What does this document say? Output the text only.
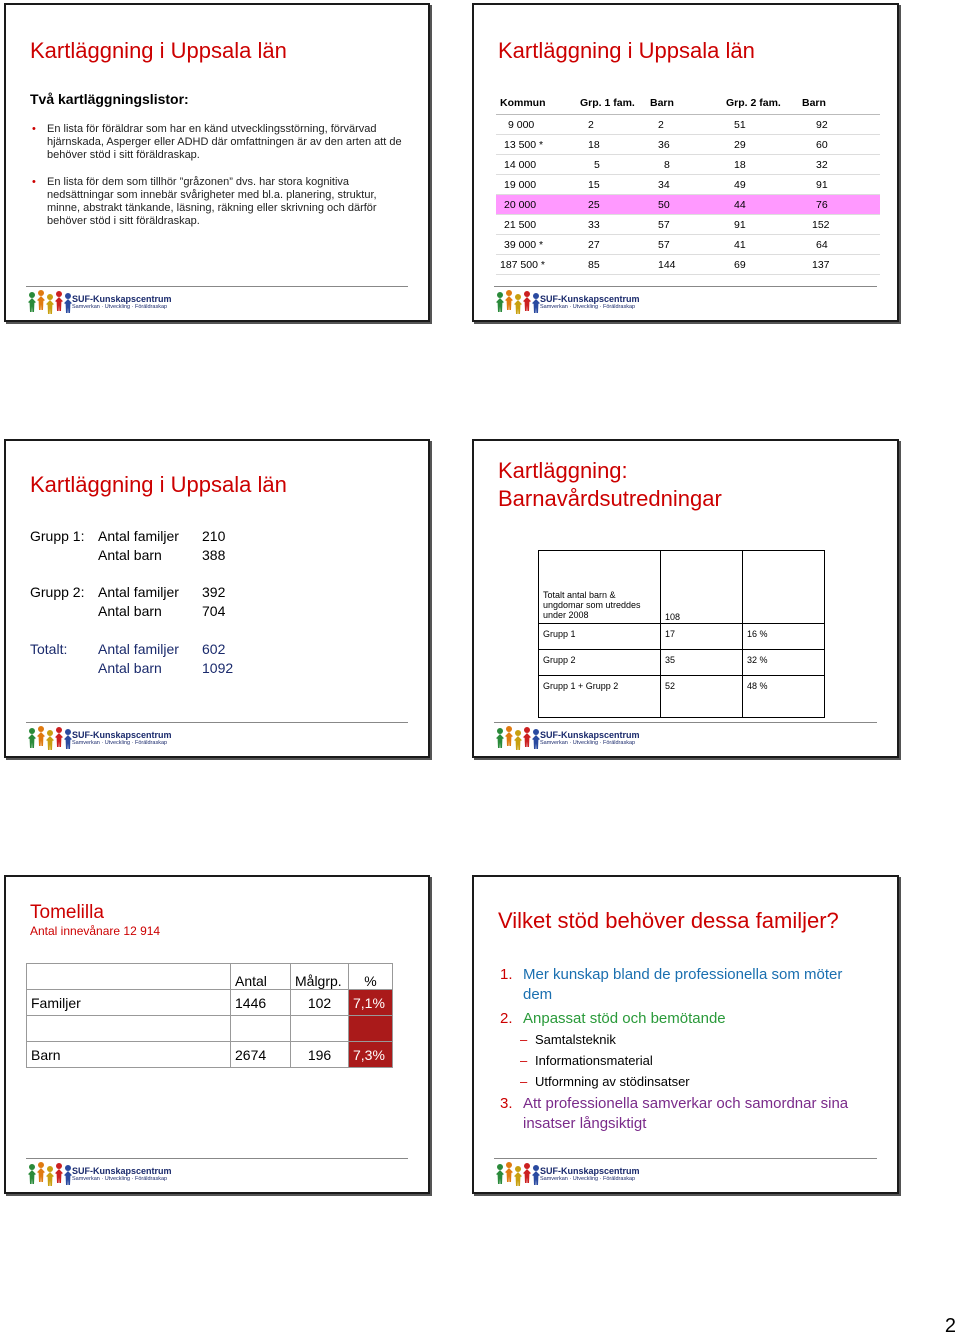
Kartläggning i Uppsala län
Två kartläggningslistor:
• En lista för föräldrar som har en känd utvecklingsstörning, förvärvad hjärnskada, Asperger eller ADHD där omfattningen är av den arten att de behöver stöd i sitt föräldraskap.
• En lista för dem som tillhör ”gråzonen” dvs. har stora kognitiva nedsättningar som innebär svårigheter med bl.a. planering, struktur, minne, abstrakt tänkande, läsning, räkning eller skrivning och därför behöver stöd i sitt föräldraskap.
SUF-Kunskapscentrum
Samverkan · Utveckling · Föräldraskap
Kartläggning i Uppsala län
Kommun	Grp. 1 fam.	Barn	Grp. 2 fam.	Barn
9 000	2	2	51	92
13 500 *	18	36	29	60
14 000	5	8	18	32
19 000	15	34	49	91
20 000	25	50	44	76
21 500	33	57	91	152
39 000 *	27	57	41	64
187 500 *	85	144	69	137
SUF-Kunskapscentrum
Samverkan · Utveckling · Föräldraskap
Kartläggning i Uppsala län
Grupp 1: Antal familjer 210
Antal barn	388
Grupp 2: Antal familjer 392
Antal barn	704
Totalt: Antal familjer 602
Antal barn	1092
SUF-Kunskapscentrum
Samverkan · Utveckling · Föräldraskap
Kartläggning:
Barnavårdsutredningar
Totalt antal barn & ungdomar som utreddes under 2008	108	
Grupp 1	17	16 %
Grupp 2	35	32 %
Grupp 1 + Grupp 2	52	48 %
SUF-Kunskapscentrum
Samverkan · Utveckling · Föräldraskap
Tomelilla
Antal innevånare 12 914
	Antal	Målgrp.	%
Familjer	1446	102	7,1%

Barn	2674	196	7,3%
SUF-Kunskapscentrum
Samverkan · Utveckling · Föräldraskap
Vilket stöd behöver dessa familjer?
1. Mer kunskap bland de professionella som möter dem
2. Anpassat stöd och bemötande
– Samtalsteknik
– Informationsmaterial
– Utformning av stödinsatser
3. Att professionella samverkar och samordnar sina insatser långsiktigt
SUF-Kunskapscentrum
Samverkan · Utveckling · Föräldraskap
2
